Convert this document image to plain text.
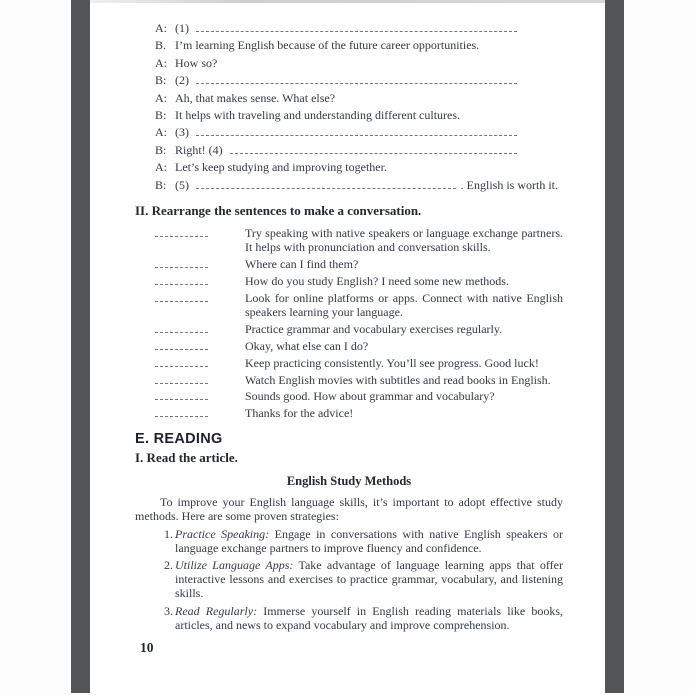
A: (1)
B. I’m learning English because of the future career opportunities.
A: How so?
B: (2)
A: Ah, that makes sense. What else?
B: It helps with traveling and understanding different cultures.
A: (3)
B: Right! (4)
A: Let’s keep studying and improving together.
B: (5)	. English is worth it.
II. Rearrange the sentences to make a conversation.
Try speaking with native speakers or language exchange partners. It helps with pronunciation and conversation skills.
Where can I find them?
How do you study English? I need some new methods.
Look for online platforms or apps. Connect with native English speakers learning your language.
Practice grammar and vocabulary exercises regularly.
Okay, what else can I do?
Keep practicing consistently. You’ll see progress. Good luck!
Watch English movies with subtitles and read books in English.
Sounds good. How about grammar and vocabulary?
Thanks for the advice!
E. READING
I. Read the article.
English Study Methods

To improve your English language skills, it’s important to adopt effective study methods. Here are some proven strategies:

1. Practice Speaking: Engage in conversations with native English speakers or language exchange partners to improve fluency and confidence.
2. Utilize Language Apps: Take advantage of language learning apps that offer interactive lessons and exercises to practice grammar, vocabulary, and listening skills.
3. Read Regularly: Immerse yourself in English reading materials like books, articles, and news to expand vocabulary and improve comprehension.
10
